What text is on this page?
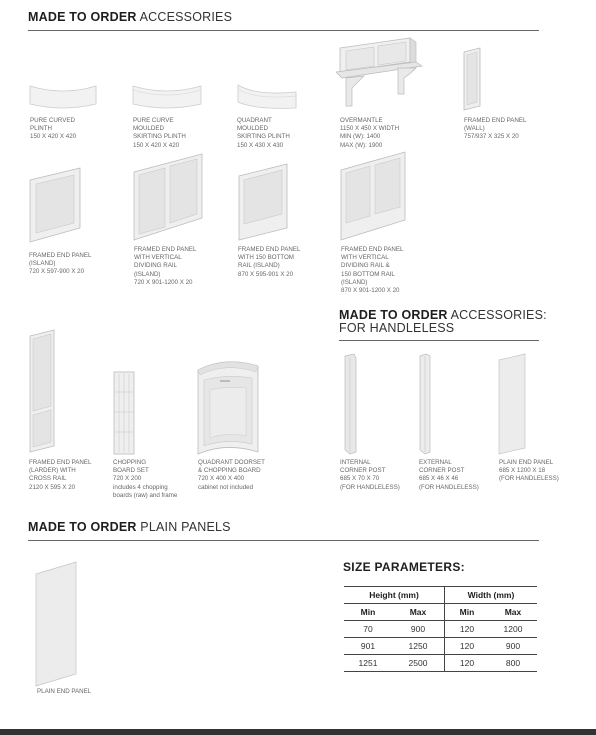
MADE TO ORDER ACCESSORIES
PURE CURVED
PLINTH
150 X 420 X 420
PURE CURVE
MOULDED
SKIRTING PLINTH
150 X 420 X 420
QUADRANT
MOULDED
SKIRTING PLINTH
150 X 430 X 430
OVERMANTLE
1150 X 450 X WIDTH
MIN (W): 1400
MAX (W): 1900
FRAMED END PANEL
(WALL)
757/937 X 325 X 20
FRAMED END PANEL
(ISLAND)
720 X 597-900 X 20
FRAMED END PANEL
WITH VERTICAL
DIVIDING RAIL
(ISLAND)
720 X 901-1200 X 20
FRAMED END PANEL
WITH 150 BOTTOM
RAIL (ISLAND)
870 X 595-901 X 20
FRAMED END PANEL
WITH VERTICAL
DIVIDING RAIL &
150 BOTTOM RAIL
(ISLAND)
870 X 901-1200 X 20
MADE TO ORDER ACCESSORIES:
FOR HANDLELESS
FRAMED END PANEL
(LARDER) WITH
CROSS RAIL
2120 X 595 X 20
CHOPPING
BOARD SET
720 X 200
includes 4 chopping
boards (raw) and frame
QUADRANT DOORSET
& CHOPPING BOARD
720 X 400 X 400
cabinet not included
INTERNAL
CORNER POST
685 X 70 X 70
(FOR HANDLELESS)
EXTERNAL
CORNER POST
685 X 46 X 46
(FOR HANDLELESS)
PLAIN END PANEL
685 X 1200 X 18
(FOR HANDLELESS)
MADE TO ORDER PLAIN PANELS
PLAIN END PANEL
SIZE PARAMETERS:
Height (mm)		Width (mm)	
Min	Max	Min	Max
70	900	120	1200
901	1250	120	900
1251	2500	120	800
